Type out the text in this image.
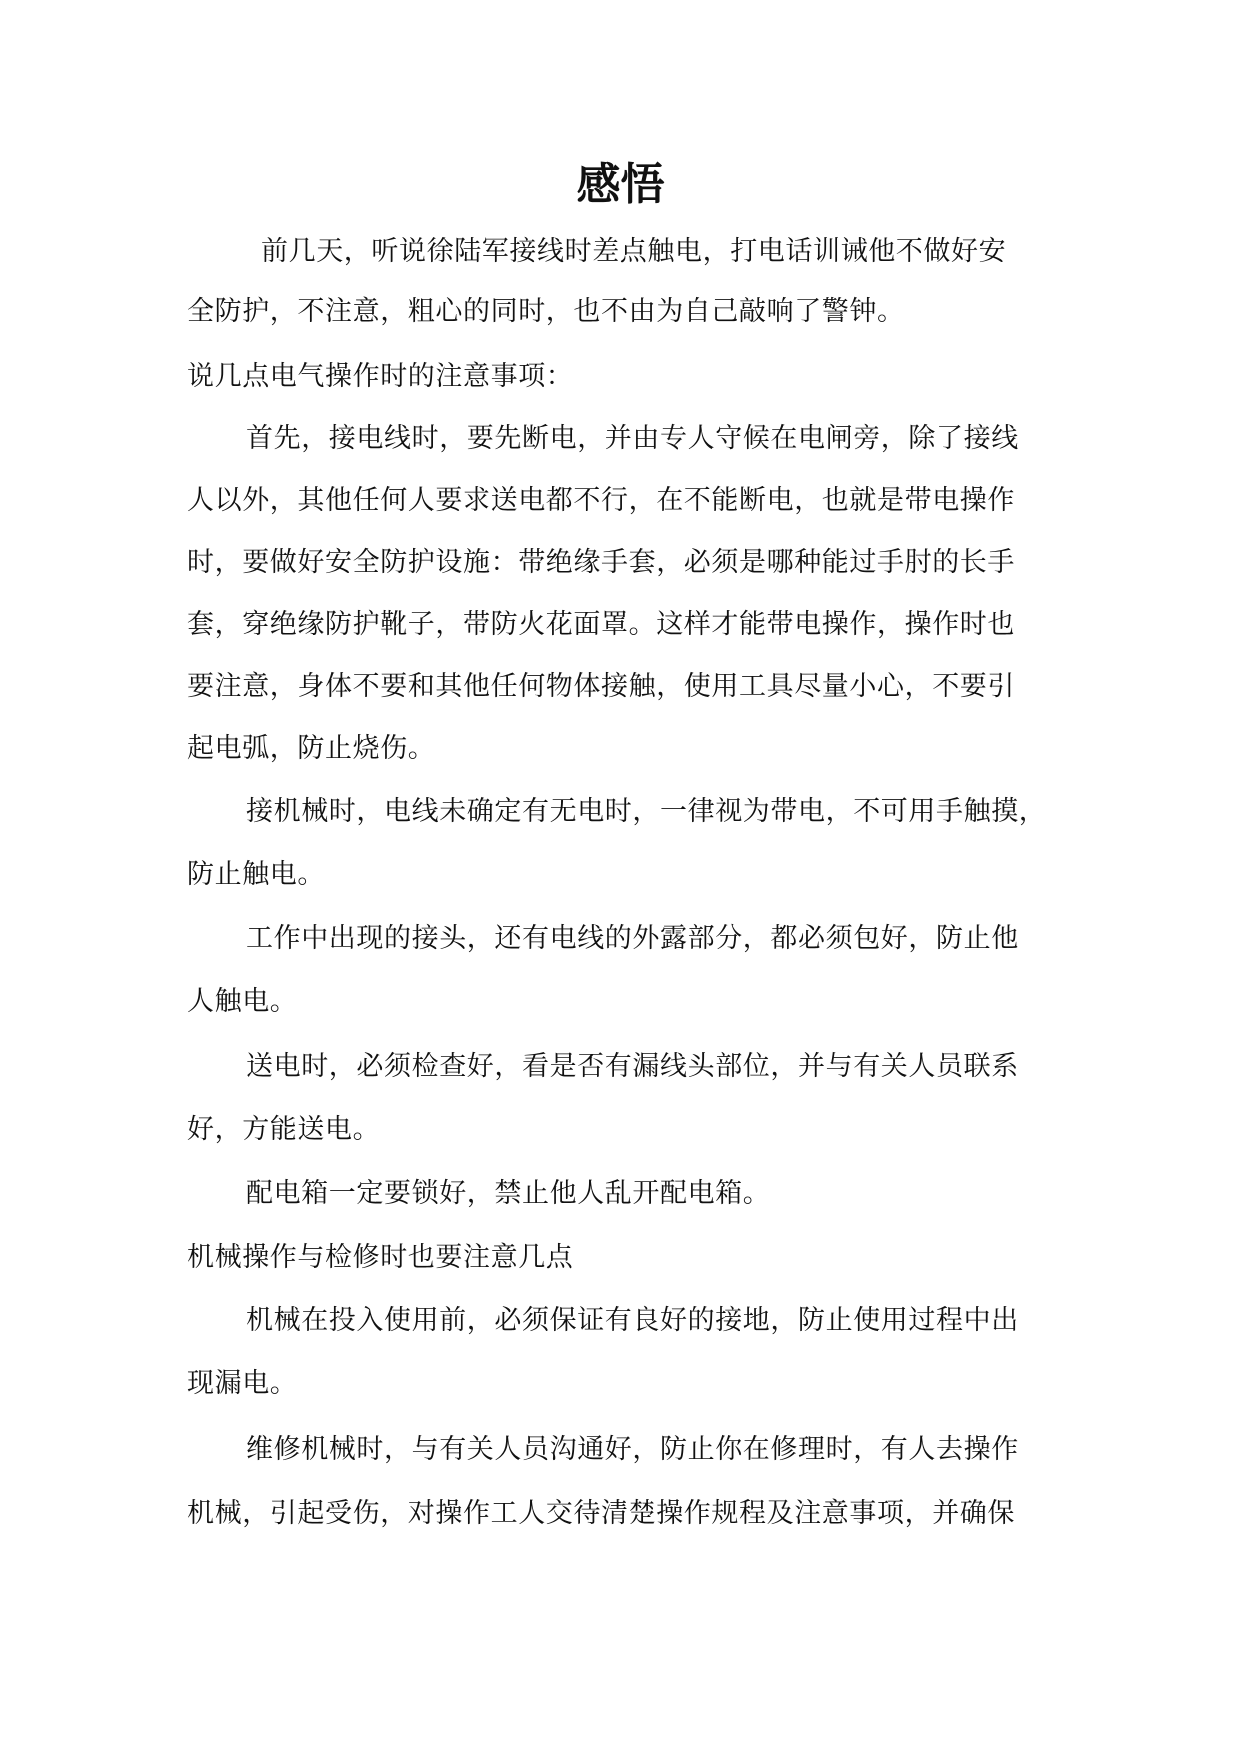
感悟
前几天，听说徐陆军接线时差点触电，打电话训诫他不做好安
全防护，不注意，粗心的同时，也不由为自己敲响了警钟。
说几点电气操作时的注意事项：
首先，接电线时，要先断电，并由专人守候在电闸旁，除了接线
人以外，其他任何人要求送电都不行，在不能断电，也就是带电操作
时，要做好安全防护设施：带绝缘手套，必须是哪种能过手肘的长手
套，穿绝缘防护靴子，带防火花面罩。这样才能带电操作，操作时也
要注意，身体不要和其他任何物体接触，使用工具尽量小心，不要引
起电弧，防止烧伤。
接机械时，电线未确定有无电时，一律视为带电，不可用手触摸，
防止触电。
工作中出现的接头，还有电线的外露部分，都必须包好，防止他
人触电。
送电时，必须检查好，看是否有漏线头部位，并与有关人员联系
好，方能送电。
配电箱一定要锁好，禁止他人乱开配电箱。
机械操作与检修时也要注意几点
机械在投入使用前，必须保证有良好的接地，防止使用过程中出
现漏电。
维修机械时，与有关人员沟通好，防止你在修理时，有人去操作
机械，引起受伤，对操作工人交待清楚操作规程及注意事项，并确保
